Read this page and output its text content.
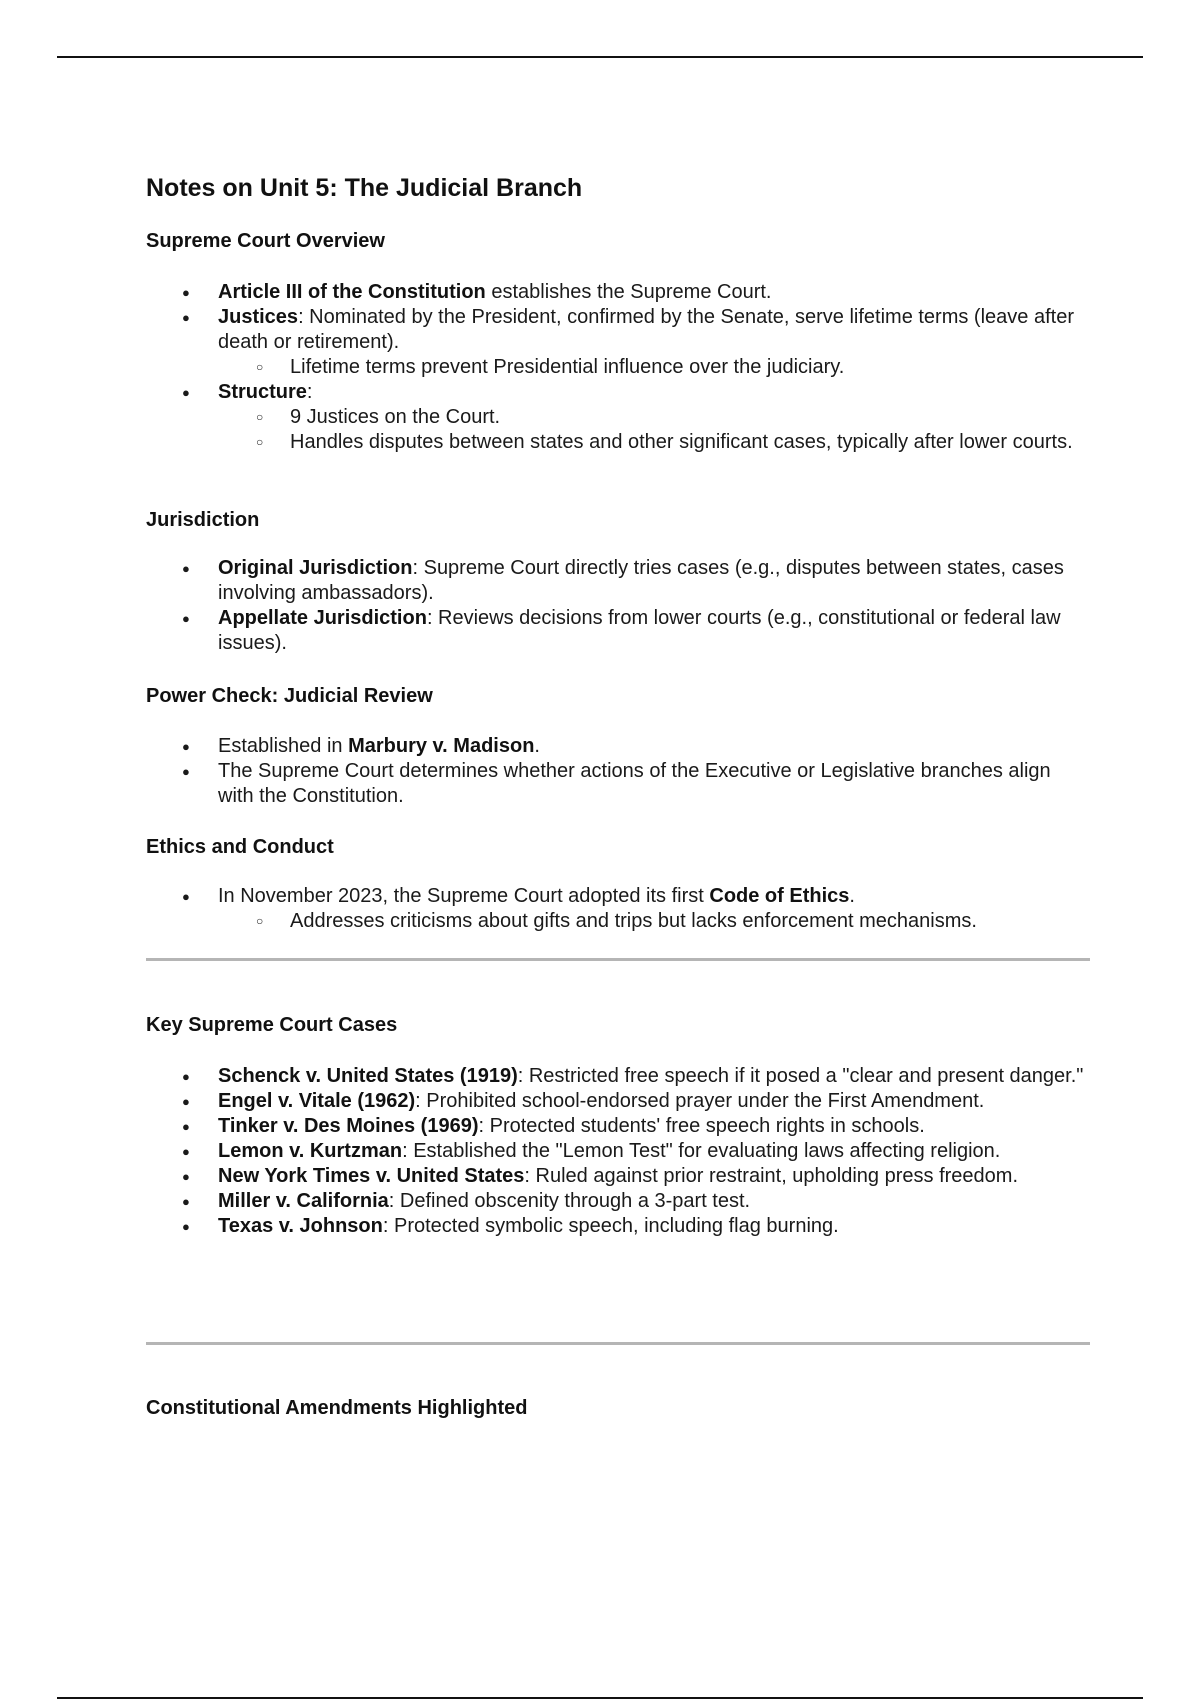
Notes on Unit 5: The Judicial Branch
Supreme Court Overview
● Article III of the Constitution establishes the Supreme Court.
● Justices: Nominated by the President, confirmed by the Senate, serve lifetime terms (leave after death or retirement).
○ Lifetime terms prevent Presidential influence over the judiciary.
● Structure:
○ 9 Justices on the Court.
○ Handles disputes between states and other significant cases, typically after lower courts.
Jurisdiction
● Original Jurisdiction: Supreme Court directly tries cases (e.g., disputes between states, cases involving ambassadors).
● Appellate Jurisdiction: Reviews decisions from lower courts (e.g., constitutional or federal law issues).
Power Check: Judicial Review
● Established in Marbury v. Madison.
● The Supreme Court determines whether actions of the Executive or Legislative branches align with the Constitution.
Ethics and Conduct
● In November 2023, the Supreme Court adopted its first Code of Ethics.
○ Addresses criticisms about gifts and trips but lacks enforcement mechanisms.
Key Supreme Court Cases
● Schenck v. United States (1919): Restricted free speech if it posed a "clear and present danger."
● Engel v. Vitale (1962): Prohibited school-endorsed prayer under the First Amendment.
● Tinker v. Des Moines (1969): Protected students' free speech rights in schools.
● Lemon v. Kurtzman: Established the "Lemon Test" for evaluating laws affecting religion.
● New York Times v. United States: Ruled against prior restraint, upholding press freedom.
● Miller v. California: Defined obscenity through a 3-part test.
● Texas v. Johnson: Protected symbolic speech, including flag burning.
Constitutional Amendments Highlighted
